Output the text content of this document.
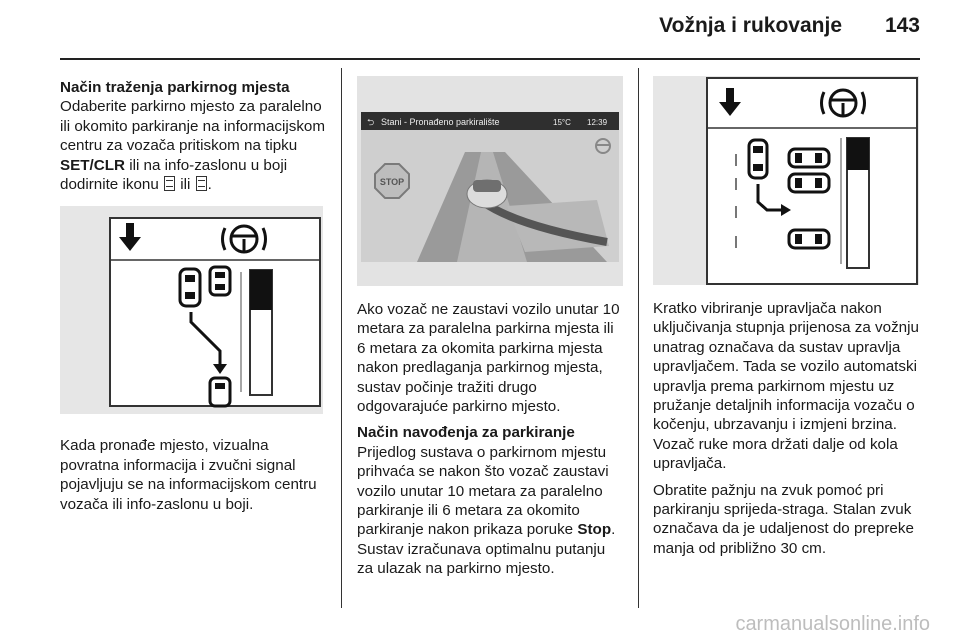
Vožnja i rukovanje 143

Način traženja parkirnog mjesta

Odaberite parkirno mjesto za paralelno ili okomito parkiranje na informacijskom centru za vozača pritiskom na tipku SET/CLR ili na info-zaslonu u boji dodirnite ikonu  ili .

Kada pronađe mjesto, vizualna povratna informacija i zvučni signal pojavljuju se na informacijskom centru vozača ili info-zaslonu u boji.

⮌ Stani - Pronađeno parkiralište	15°C 12:39
STOP

Ako vozač ne zaustavi vozilo unutar 10 metara za paralelna parkirna mjesta ili 6 metara za okomita parkirna mjesta nakon predlaganja parkirnog mjesta, sustav počinje tražiti drugo odgovarajuće parkirno mjesto.

Način navođenja za parkiranje

Prijedlog sustava o parkirnom mjestu prihvaća se nakon što vozač zaustavi vozilo unutar 10 metara za paralelno parkiranje ili 6 metara za okomito parkiranje nakon prikaza poruke Stop. Sustav izračunava optimalnu putanju za ulazak na parkirno mjesto.

Kratko vibriranje upravljača nakon uključivanja stupnja prijenosa za vožnju unatrag označava da sustav upravlja upravljačem. Tada se vozilo automatski upravlja prema parkirnom mjestu uz pružanje detaljnih informacija vozaču o kočenju, ubrzavanju i izmjeni brzina. Vozač ruke mora držati dalje od kola upravljača.

Obratite pažnju na zvuk pomoć pri parkiranju sprijeda-straga. Stalan zvuk označava da je udaljenost do prepreke manja od približno 30 cm.

carmanualsonline.info
